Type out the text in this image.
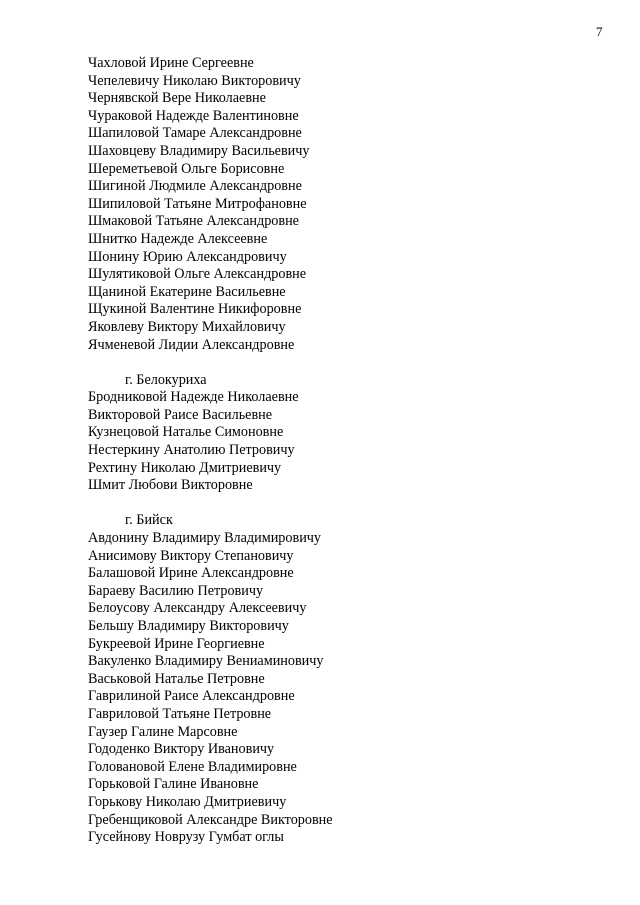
7
Чахловой Ирине Сергеевне
Чепелевичу Николаю Викторовичу
Чернявской Вере Николаевне
Чураковой Надежде Валентиновне
Шапиловой Тамаре Александровне
Шаховцеву Владимиру Васильевичу
Шереметьевой Ольге Борисовне
Шигиной Людмиле Александровне
Шипиловой Татьяне Митрофановне
Шмаковой Татьяне Александровне
Шнитко Надежде Алексеевне
Шонину Юрию Александровичу
Шулятиковой Ольге Александровне
Щаниной Екатерине Васильевне
Щукиной Валентине Никифоровне
Яковлеву Виктору Михайловичу
Ячменевой Лидии Александровне
г. Белокуриха
Бродниковой Надежде Николаевне
Викторовой Раисе Васильевне
Кузнецовой Наталье Симоновне
Нестеркину Анатолию Петровичу
Рехтину Николаю Дмитриевичу
Шмит Любови Викторовне
г. Бийск
Авдонину Владимиру Владимировичу
Анисимову Виктору Степановичу
Балашовой Ирине Александровне
Бараеву Василию Петровичу
Белоусову Александру Алексеевичу
Бельшу Владимиру Викторовичу
Букреевой Ирине Георгиевне
Вакуленко Владимиру Вениаминовичу
Васьковой Наталье Петровне
Гаврилиной Раисе Александровне
Гавриловой Татьяне Петровне
Гаузер Галине Марсовне
Гододенко Виктору Ивановичу
Головановой Елене Владимировне
Горьковой Галине Ивановне
Горькову Николаю Дмитриевичу
Гребенщиковой Александре Викторовне
Гусейнову Новрузу Гумбат оглы
